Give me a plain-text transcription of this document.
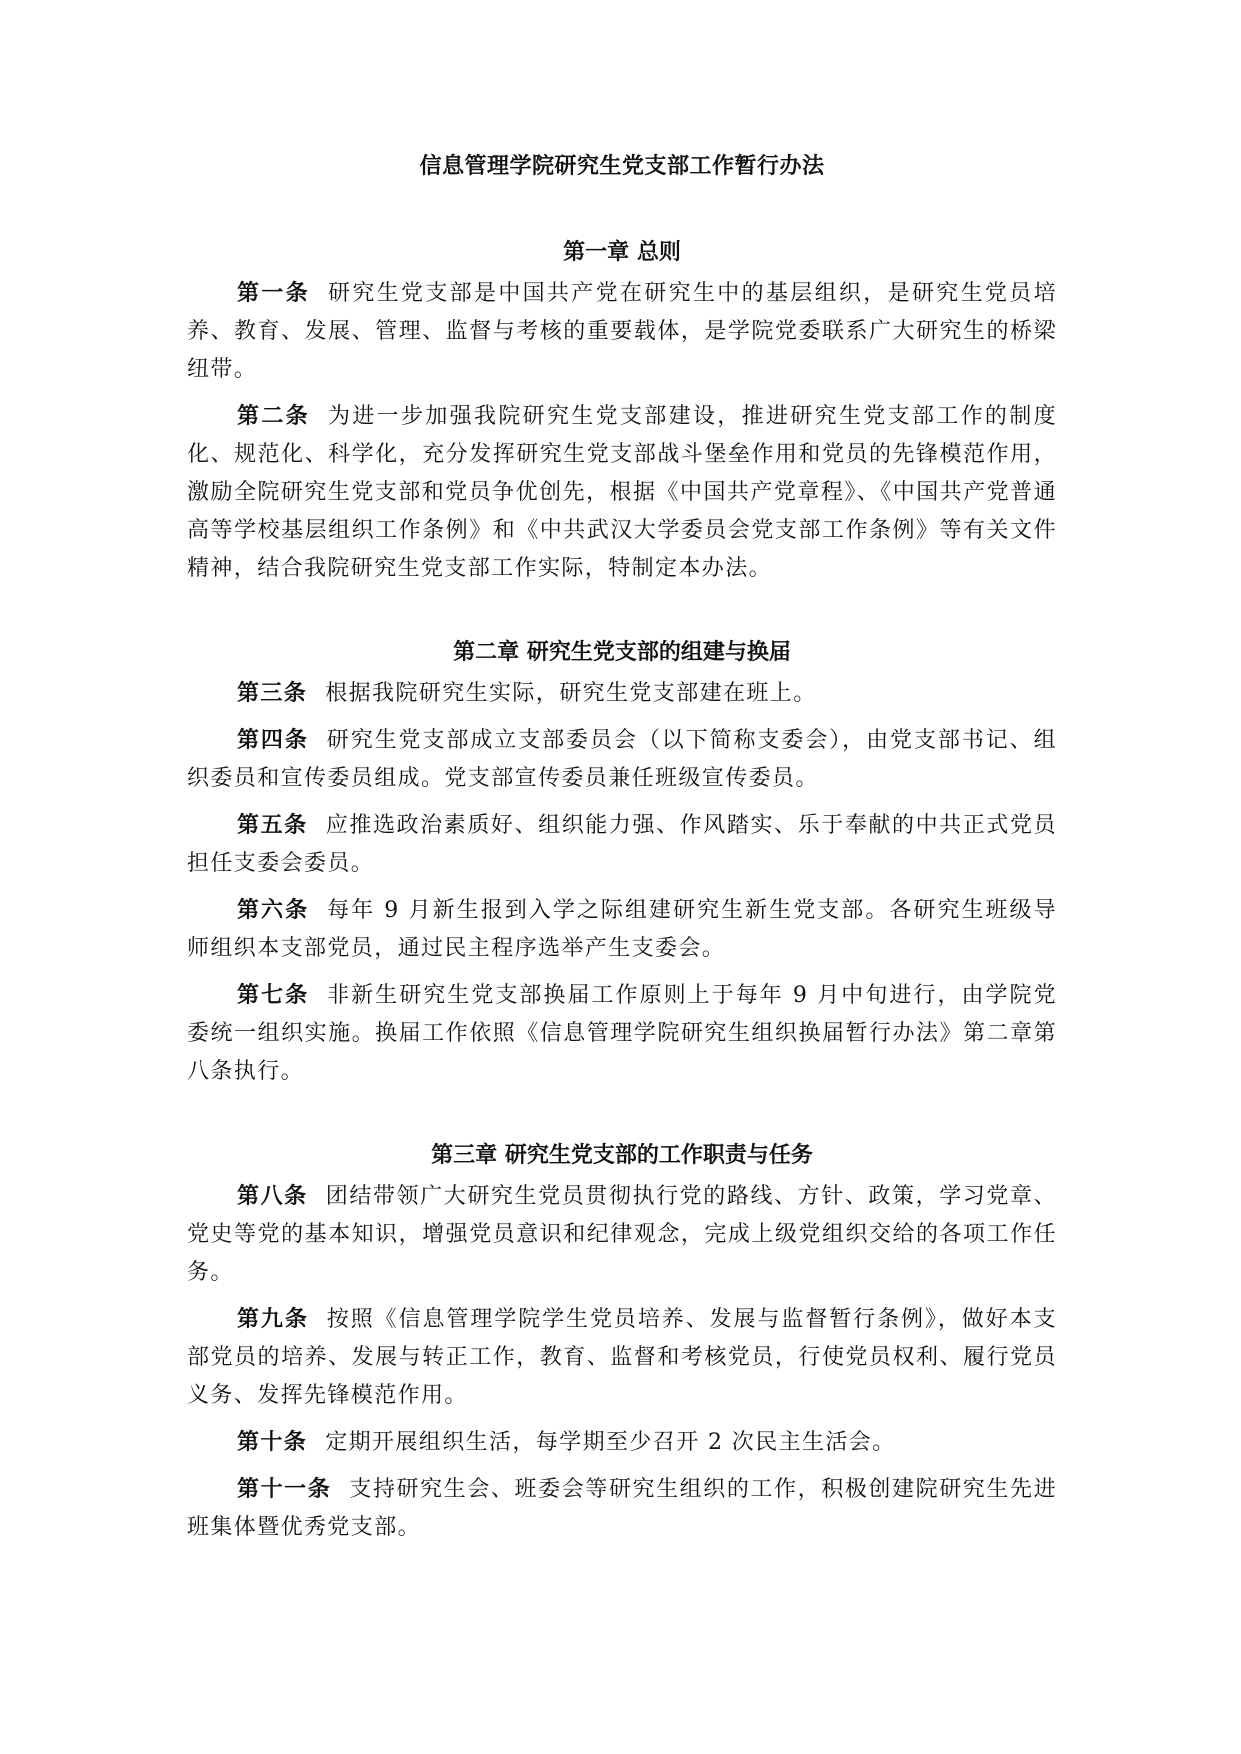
信息管理学院研究生党支部工作暂行办法
第一章 总则

第一条 研究生党支部是中国共产党在研究生中的基层组织，是研究生党员培养、教育、发展、管理、监督与考核的重要载体，是学院党委联系广大研究生的桥梁纽带。

第二条 为进一步加强我院研究生党支部建设，推进研究生党支部工作的制度化、规范化、科学化，充分发挥研究生党支部战斗堡垒作用和党员的先锋模范作用，激励全院研究生党支部和党员争优创先，根据《中国共产党章程》、《中国共产党普通高等学校基层组织工作条例》和《中共武汉大学委员会党支部工作条例》等有关文件精神，结合我院研究生党支部工作实际，特制定本办法。

第二章 研究生党支部的组建与换届

第三条 根据我院研究生实际，研究生党支部建在班上。

第四条 研究生党支部成立支部委员会（以下简称支委会），由党支部书记、组织委员和宣传委员组成。党支部宣传委员兼任班级宣传委员。

第五条 应推选政治素质好、组织能力强、作风踏实、乐于奉献的中共正式党员担任支委会委员。

第六条 每年 9 月新生报到入学之际组建研究生新生党支部。各研究生班级导师组织本支部党员，通过民主程序选举产生支委会。

第七条 非新生研究生党支部换届工作原则上于每年 9 月中旬进行，由学院党委统一组织实施。换届工作依照《信息管理学院研究生组织换届暂行办法》第二章第八条执行。

第三章 研究生党支部的工作职责与任务

第八条 团结带领广大研究生党员贯彻执行党的路线、方针、政策，学习党章、党史等党的基本知识，增强党员意识和纪律观念，完成上级党组织交给的各项工作任务。

第九条 按照《信息管理学院学生党员培养、发展与监督暂行条例》，做好本支部党员的培养、发展与转正工作，教育、监督和考核党员，行使党员权利、履行党员义务、发挥先锋模范作用。

第十条 定期开展组织生活，每学期至少召开 2 次民主生活会。

第十一条 支持研究生会、班委会等研究生组织的工作，积极创建院研究生先进班集体暨优秀党支部。
